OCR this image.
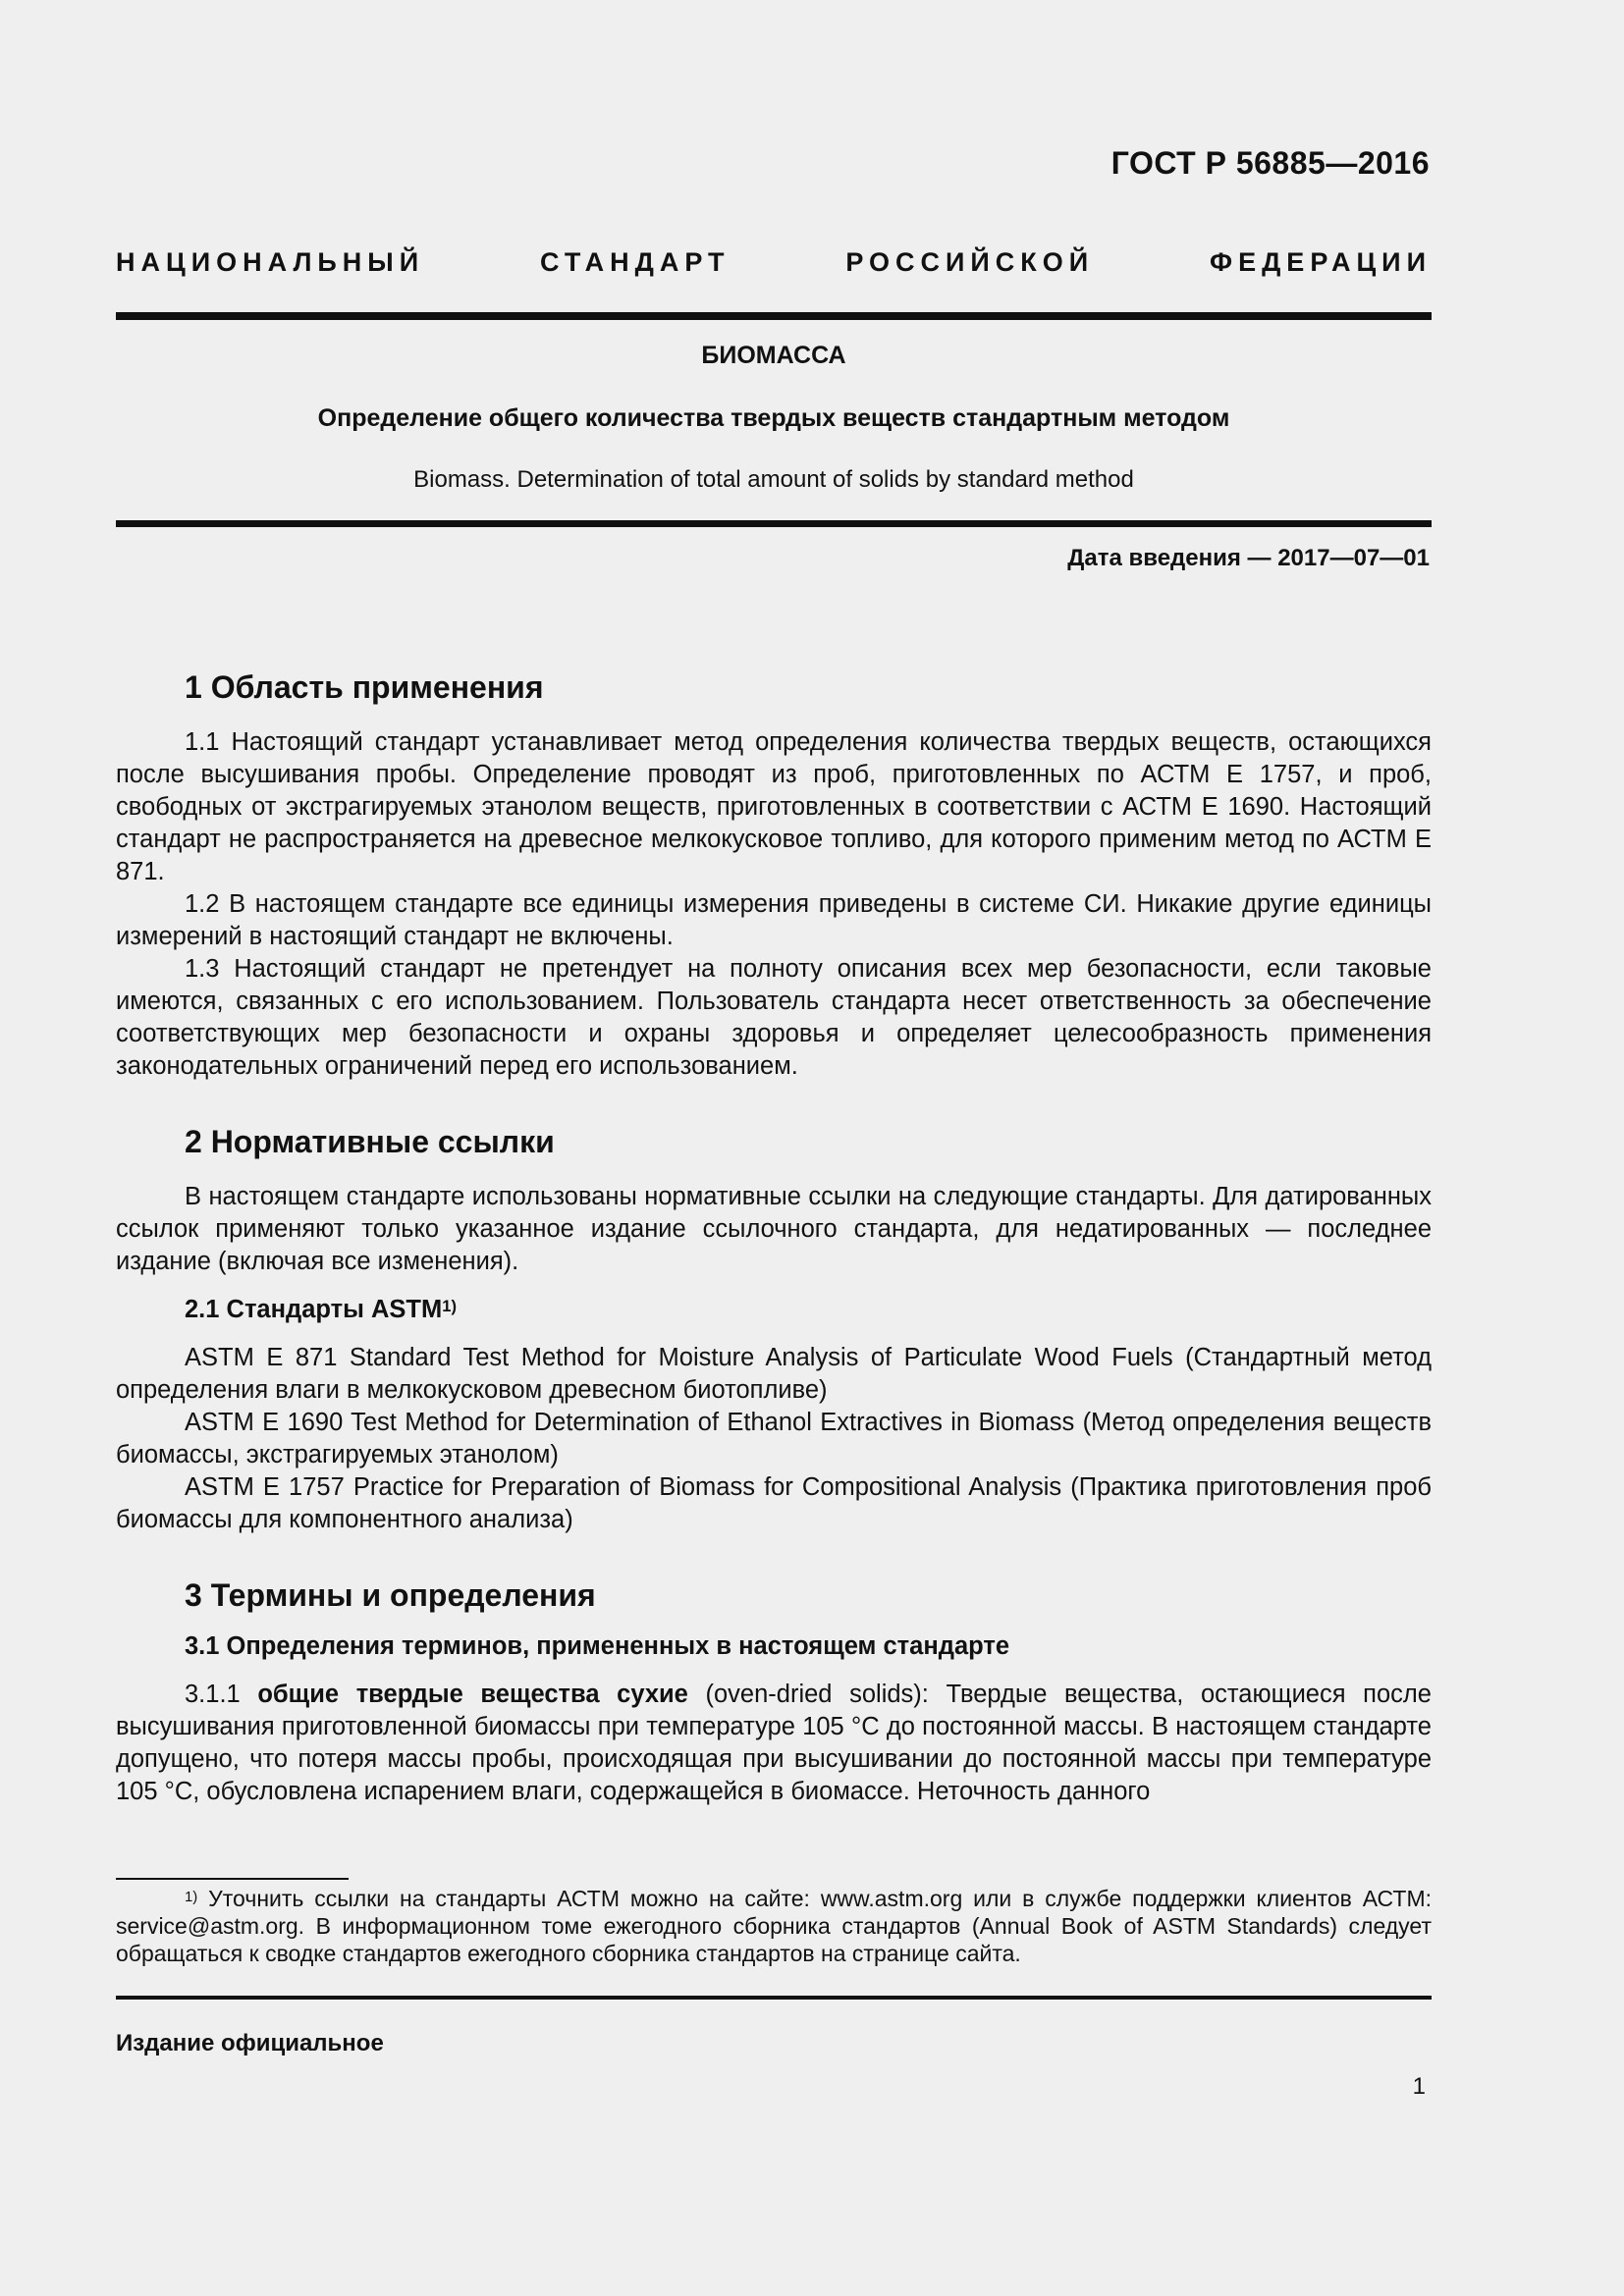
ГОСТ Р 56885—2016
НАЦИОНАЛЬНЫЙ СТАНДАРТ РОССИЙСКОЙ ФЕДЕРАЦИИ
БИОМАССА
Определение общего количества твердых веществ стандартным методом
Biomass. Determination of total amount of solids by standard method
Дата введения — 2017—07—01
1 Область применения

1.1 Настоящий стандарт устанавливает метод определения количества твердых веществ, остающихся после высушивания пробы. Определение проводят из проб, приготовленных по АСТМ Е 1757, и проб, свободных от экстрагируемых этанолом веществ, приготовленных в соответствии с АСТМ Е 1690. Настоящий стандарт не распространяется на древесное мелкокусковое топливо, для которого применим метод по АСТМ Е 871.

1.2 В настоящем стандарте все единицы измерения приведены в системе СИ. Никакие другие единицы измерений в настоящий стандарт не включены.

1.3 Настоящий стандарт не претендует на полноту описания всех мер безопасности, если таковые имеются, связанных с его использованием. Пользователь стандарта несет ответственность за обеспечение соответствующих мер безопасности и охраны здоровья и определяет целесообразность применения законодательных ограничений перед его использованием.

2 Нормативные ссылки

В настоящем стандарте использованы нормативные ссылки на следующие стандарты. Для датированных ссылок применяют только указанное издание ссылочного стандарта, для недатированных — последнее издание (включая все изменения).

2.1 Стандарты ASTM$^{1)}$

ASTM E 871 Standard Test Method for Moisture Analysis of Particulate Wood Fuels (Стандартный метод определения влаги в мелкокусковом древесном биотопливе)

ASTM E 1690 Test Method for Determination of Ethanol Extractives in Biomass (Метод определения веществ биомассы, экстрагируемых этанолом)

ASTM E 1757 Practice for Preparation of Biomass for Compositional Analysis (Практика приготовления проб биомассы для компонентного анализа)

3 Термины и определения
3.1 Определения терминов, примененных в настоящем стандарте

3.1.1 общие твердые вещества сухие (oven-dried solids): Твердые вещества, остающиеся после высушивания приготовленной биомассы при температуре 105 °С до постоянной массы. В настоящем стандарте допущено, что потеря массы пробы, происходящая при высушивании до постоянной массы при температуре 105 °С, обусловлена испарением влаги, содержащейся в биомассе. Неточность данного

$^{1)}$ Уточнить ссылки на стандарты АСТМ можно на сайте: www.astm.org или в службе поддержки клиентов АСТМ: service@astm.org. В информационном томе ежегодного сборника стандартов (Annual Book of ASTM Standards) следует обращаться к сводке стандартов ежегодного сборника стандартов на странице сайта.
Издание официальное
1
